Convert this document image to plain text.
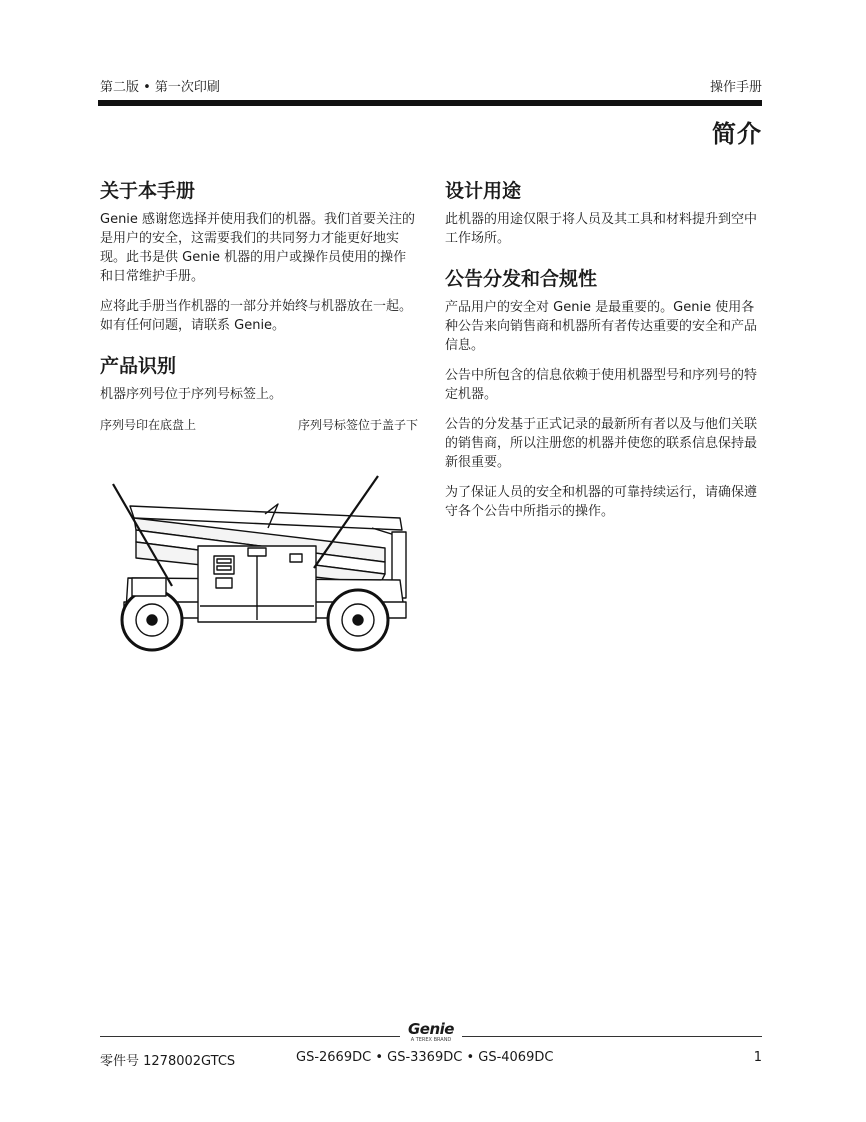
第二版 • 第一次印刷	操作手册
简介
关于本手册

Genie 感谢您选择并使用我们的机器。我们首要关注的是用户的安全，这需要我们的共同努力才能更好地实现。此书是供 Genie 机器的用户或操作员使用的操作和日常维护手册。

应将此手册当作机器的一部分并始终与机器放在一起。如有任何问题，请联系 Genie。

产品识别

机器序列号位于序列号标签上。

序列号印在底盘上	序列号标签位于盖子下
设计用途

此机器的用途仅限于将人员及其工具和材料提升到空中工作场所。

公告分发和合规性

产品用户的安全对 Genie 是最重要的。Genie 使用各种公告来向销售商和机器所有者传达重要的安全和产品信息。

公告中所包含的信息依赖于使用机器型号和序列号的特定机器。

公告的分发基于正式记录的最新所有者以及与他们关联的销售商，所以注册您的机器并使您的联系信息保持最新很重要。

为了保证人员的安全和机器的可靠持续运行，请确保遵守各个公告中所指示的操作。

Genie
A TEREX BRAND
零件号 1278002GTCS	GS-2669DC • GS-3369DC • GS-4069DC	1
